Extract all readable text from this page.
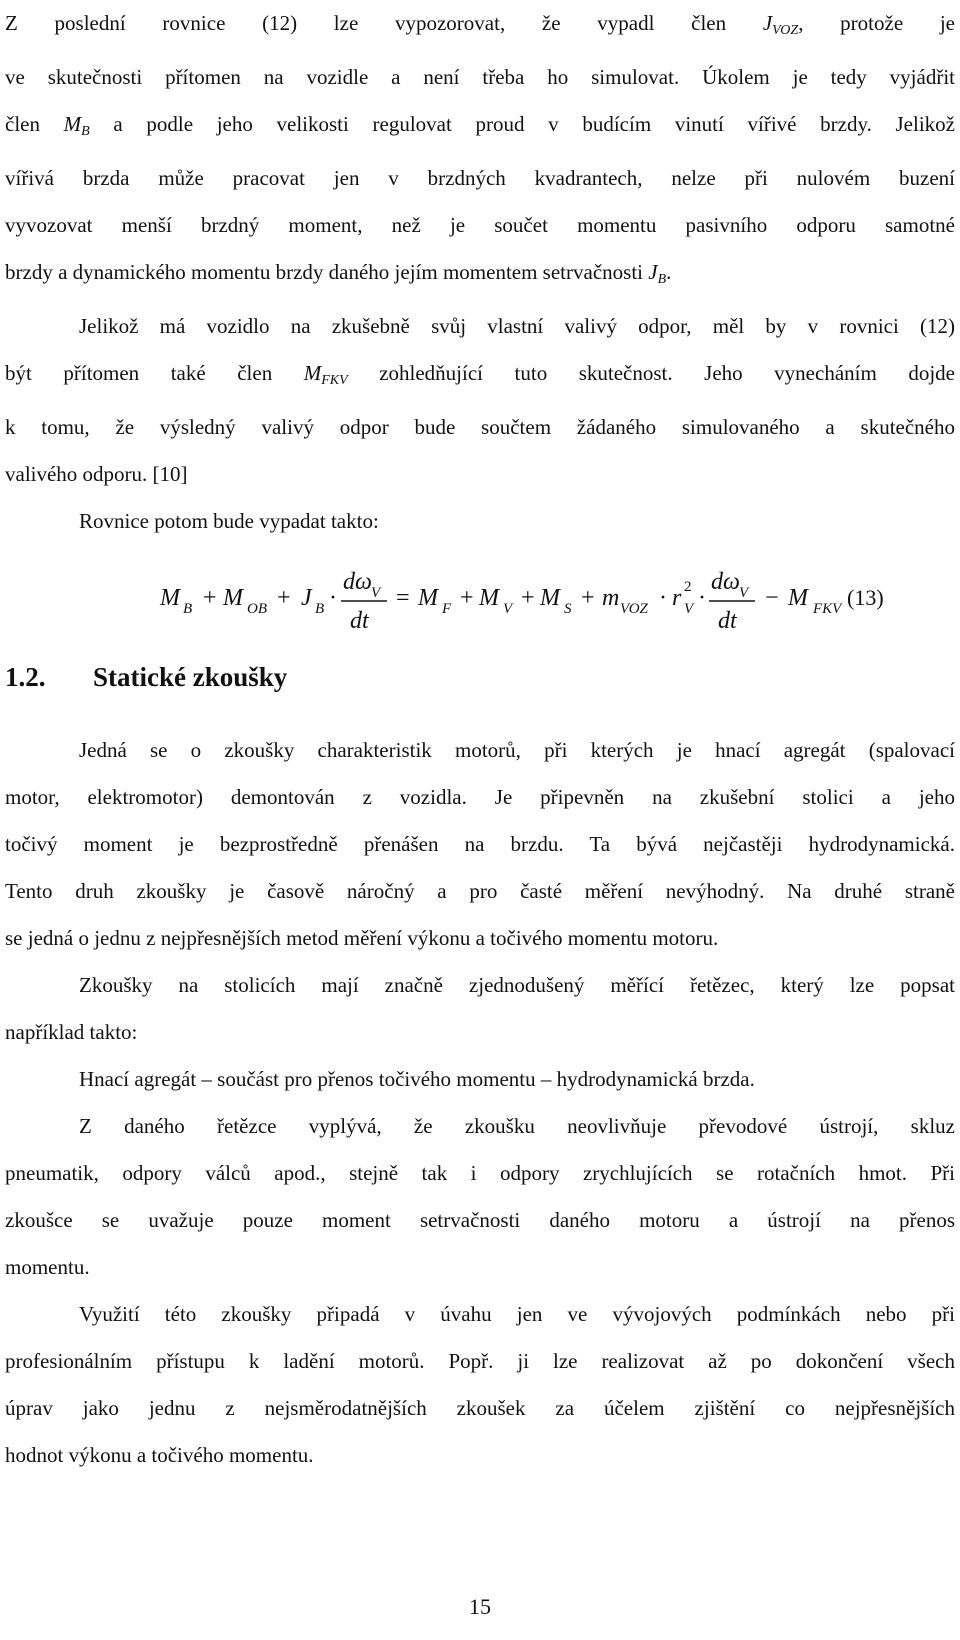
Z poslední rovnice (12) lze vypozorovat, že vypadl člen $J_{VOZ}$, protože je

ve skutečnosti přítomen na vozidle a není třeba ho simulovat. Úkolem je tedy vyjádřit

člen $M_B$ a podle jeho velikosti regulovat proud v budícím vinutí vířivé brzdy. Jelikož

vířivá brzda může pracovat jen v brzdných kvadrantech, nelze při nulovém buzení

vyvozovat menší brzdný moment, než je součet momentu pasivního odporu samotné

brzdy a dynamického momentu brzdy daného jejím momentem setrvačnosti $J_B$.

Jelikož má vozidlo na zkušebně svůj vlastní valivý odpor, měl by v rovnici (12)

být přítomen také člen $M_{FKV}$ zohledňující tuto skutečnost. Jeho vynecháním dojde

k tomu, že výsledný valivý odpor bude součtem žádaného simulovaného a skutečného

valivého odporu. [10]

Rovnice potom bude vypadat takto:

M B + M OB + J B ·
dω V
dt
= M F + M V + M S + m VOZ · r 2
V ·
dω V
dt
− M FKV (13)
1.2. Statické zkoušky

Jedná se o zkoušky charakteristik motorů, při kterých je hnací agregát (spalovací

motor, elektromotor) demontován z vozidla. Je připevněn na zkušební stolici a jeho

točivý moment je bezprostředně přenášen na brzdu. Ta bývá nejčastěji hydrodynamická.

Tento druh zkoušky je časově náročný a pro časté měření nevýhodný. Na druhé straně

se jedná o jednu z nejpřesnějších metod měření výkonu a točivého momentu motoru.

Zkoušky na stolicích mají značně zjednodušený měřící řetězec, který lze popsat

například takto:

Hnací agregát – součást pro přenos točivého momentu – hydrodynamická brzda.

Z daného řetězce vyplývá, že zkoušku neovlivňuje převodové ústrojí, skluz

pneumatik, odpory válců apod., stejně tak i odpory zrychlujících se rotačních hmot. Při

zkoušce se uvažuje pouze moment setrvačnosti daného motoru a ústrojí na přenos

momentu.

Využití této zkoušky připadá v úvahu jen ve vývojových podmínkách nebo při

profesionálním přístupu k ladění motorů. Popř. ji lze realizovat až po dokončení všech

úprav jako jednu z nejsměrodatnějších zkoušek za účelem zjištění co nejpřesnějších

hodnot výkonu a točivého momentu.

15
